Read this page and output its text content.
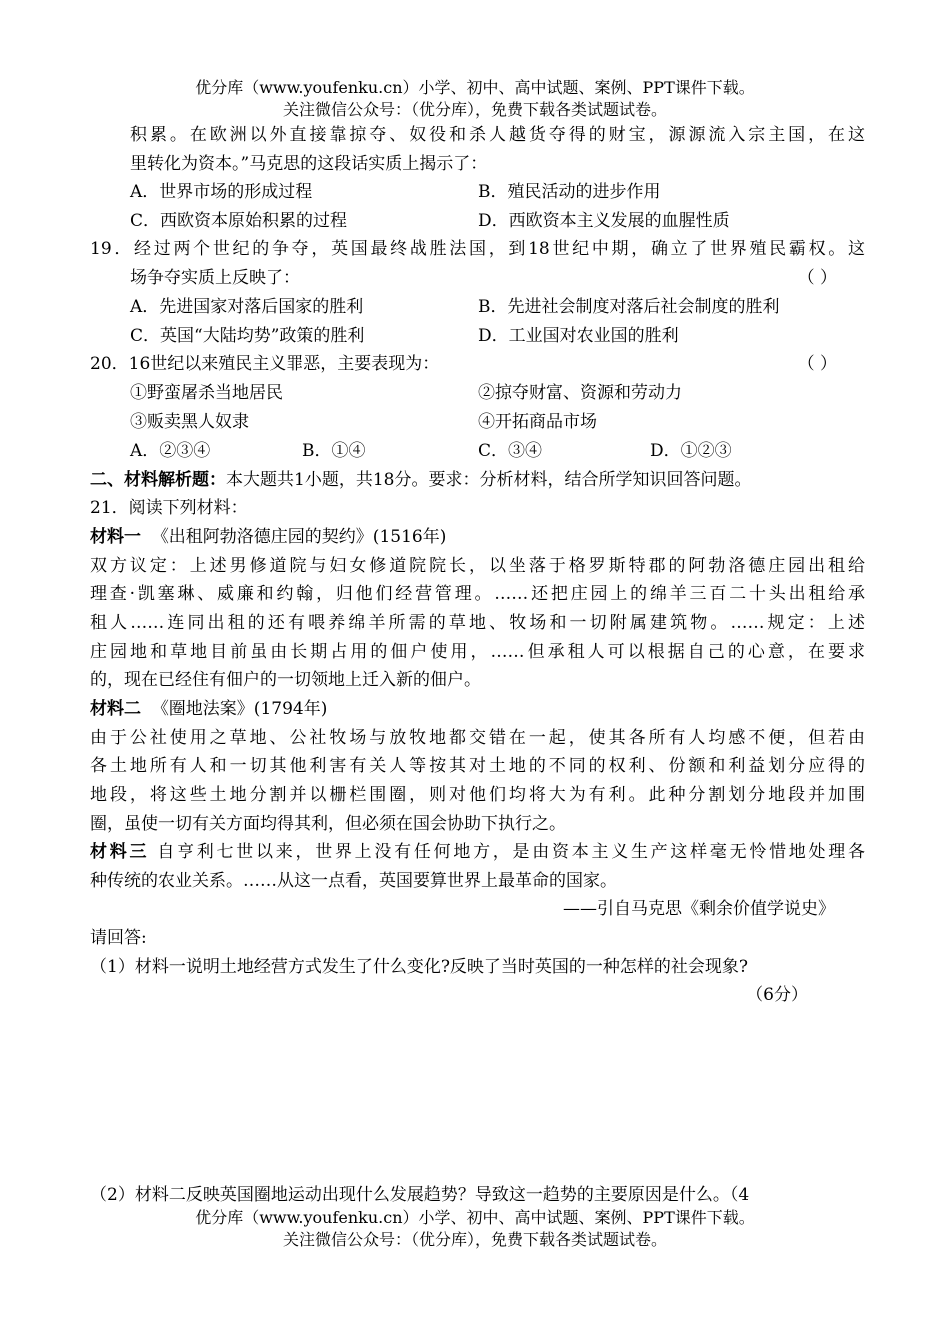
优分库（www.youfenku.cn）小学、初中、高中试题、案例、PPT课件下载。
关注微信公众号：（优分库），免费下载各类试题试卷。
积累。在欧洲以外直接靠掠夺、奴役和杀人越货夺得的财宝，源源流入宗主国，在这
里转化为资本。”马克思的这段话实质上揭示了：
A．世界市场的形成过程	B．殖民活动的进步作用
C．西欧资本原始积累的过程	D．西欧资本主义发展的血腥性质
19．经过两个世纪的争夺，英国最终战胜法国，到18世纪中期，确立了世界殖民霸权。这
场争夺实质上反映了：	（ ）
A．先进国家对落后国家的胜利	B．先进社会制度对落后社会制度的胜利
C．英国“大陆均势”政策的胜利	D．工业国对农业国的胜利
20．16世纪以来殖民主义罪恶，主要表现为：	（ ）
①野蛮屠杀当地居民	②掠夺财富、资源和劳动力
③贩卖黑人奴隶	④开拓商品市场
A．②③④	B．①④	C．③④	D．①②③
二、材料解析题：本大题共1小题，共18分。要求：分析材料，结合所学知识回答问题。
21．阅读下列材料：
材料一 《出租阿勃洛德庄园的契约》(1516年)
双方议定：上述男修道院与妇女修道院院长，以坐落于格罗斯特郡的阿勃洛德庄园出租给
理查·凯塞琳、威廉和约翰，归他们经营管理。……还把庄园上的绵羊三百二十头出租给承
租人……连同出租的还有喂养绵羊所需的草地、牧场和一切附属建筑物。……规定：上述
庄园地和草地目前虽由长期占用的佃户使用，……但承租人可以根据自己的心意，在要求
的，现在已经住有佃户的一切领地上迁入新的佃户。
材料二 《圈地法案》(1794年)
由于公社使用之草地、公社牧场与放牧地都交错在一起，使其各所有人均感不便，但若由
各土地所有人和一切其他利害有关人等按其对土地的不同的权利、份额和利益划分应得的
地段，将这些土地分割并以栅栏围圈，则对他们均将大为有利。此种分割划分地段并加围
圈，虽使一切有关方面均得其利，但必须在国会协助下执行之。
材料三 自亨利七世以来，世界上没有任何地方，是由资本主义生产这样毫无怜惜地处理各
种传统的农业关系。……从这一点看，英国要算世界上最革命的国家。
——引自马克思《剩余价值学说史》
请回答:
（1）材料一说明土地经营方式发生了什么变化?反映了当时英国的一种怎样的社会现象?
（6分）
（2）材料二反映英国圈地运动出现什么发展趋势？导致这一趋势的主要原因是什么。（4
优分库（www.youfenku.cn）小学、初中、高中试题、案例、PPT课件下载。
关注微信公众号：（优分库），免费下载各类试题试卷。
